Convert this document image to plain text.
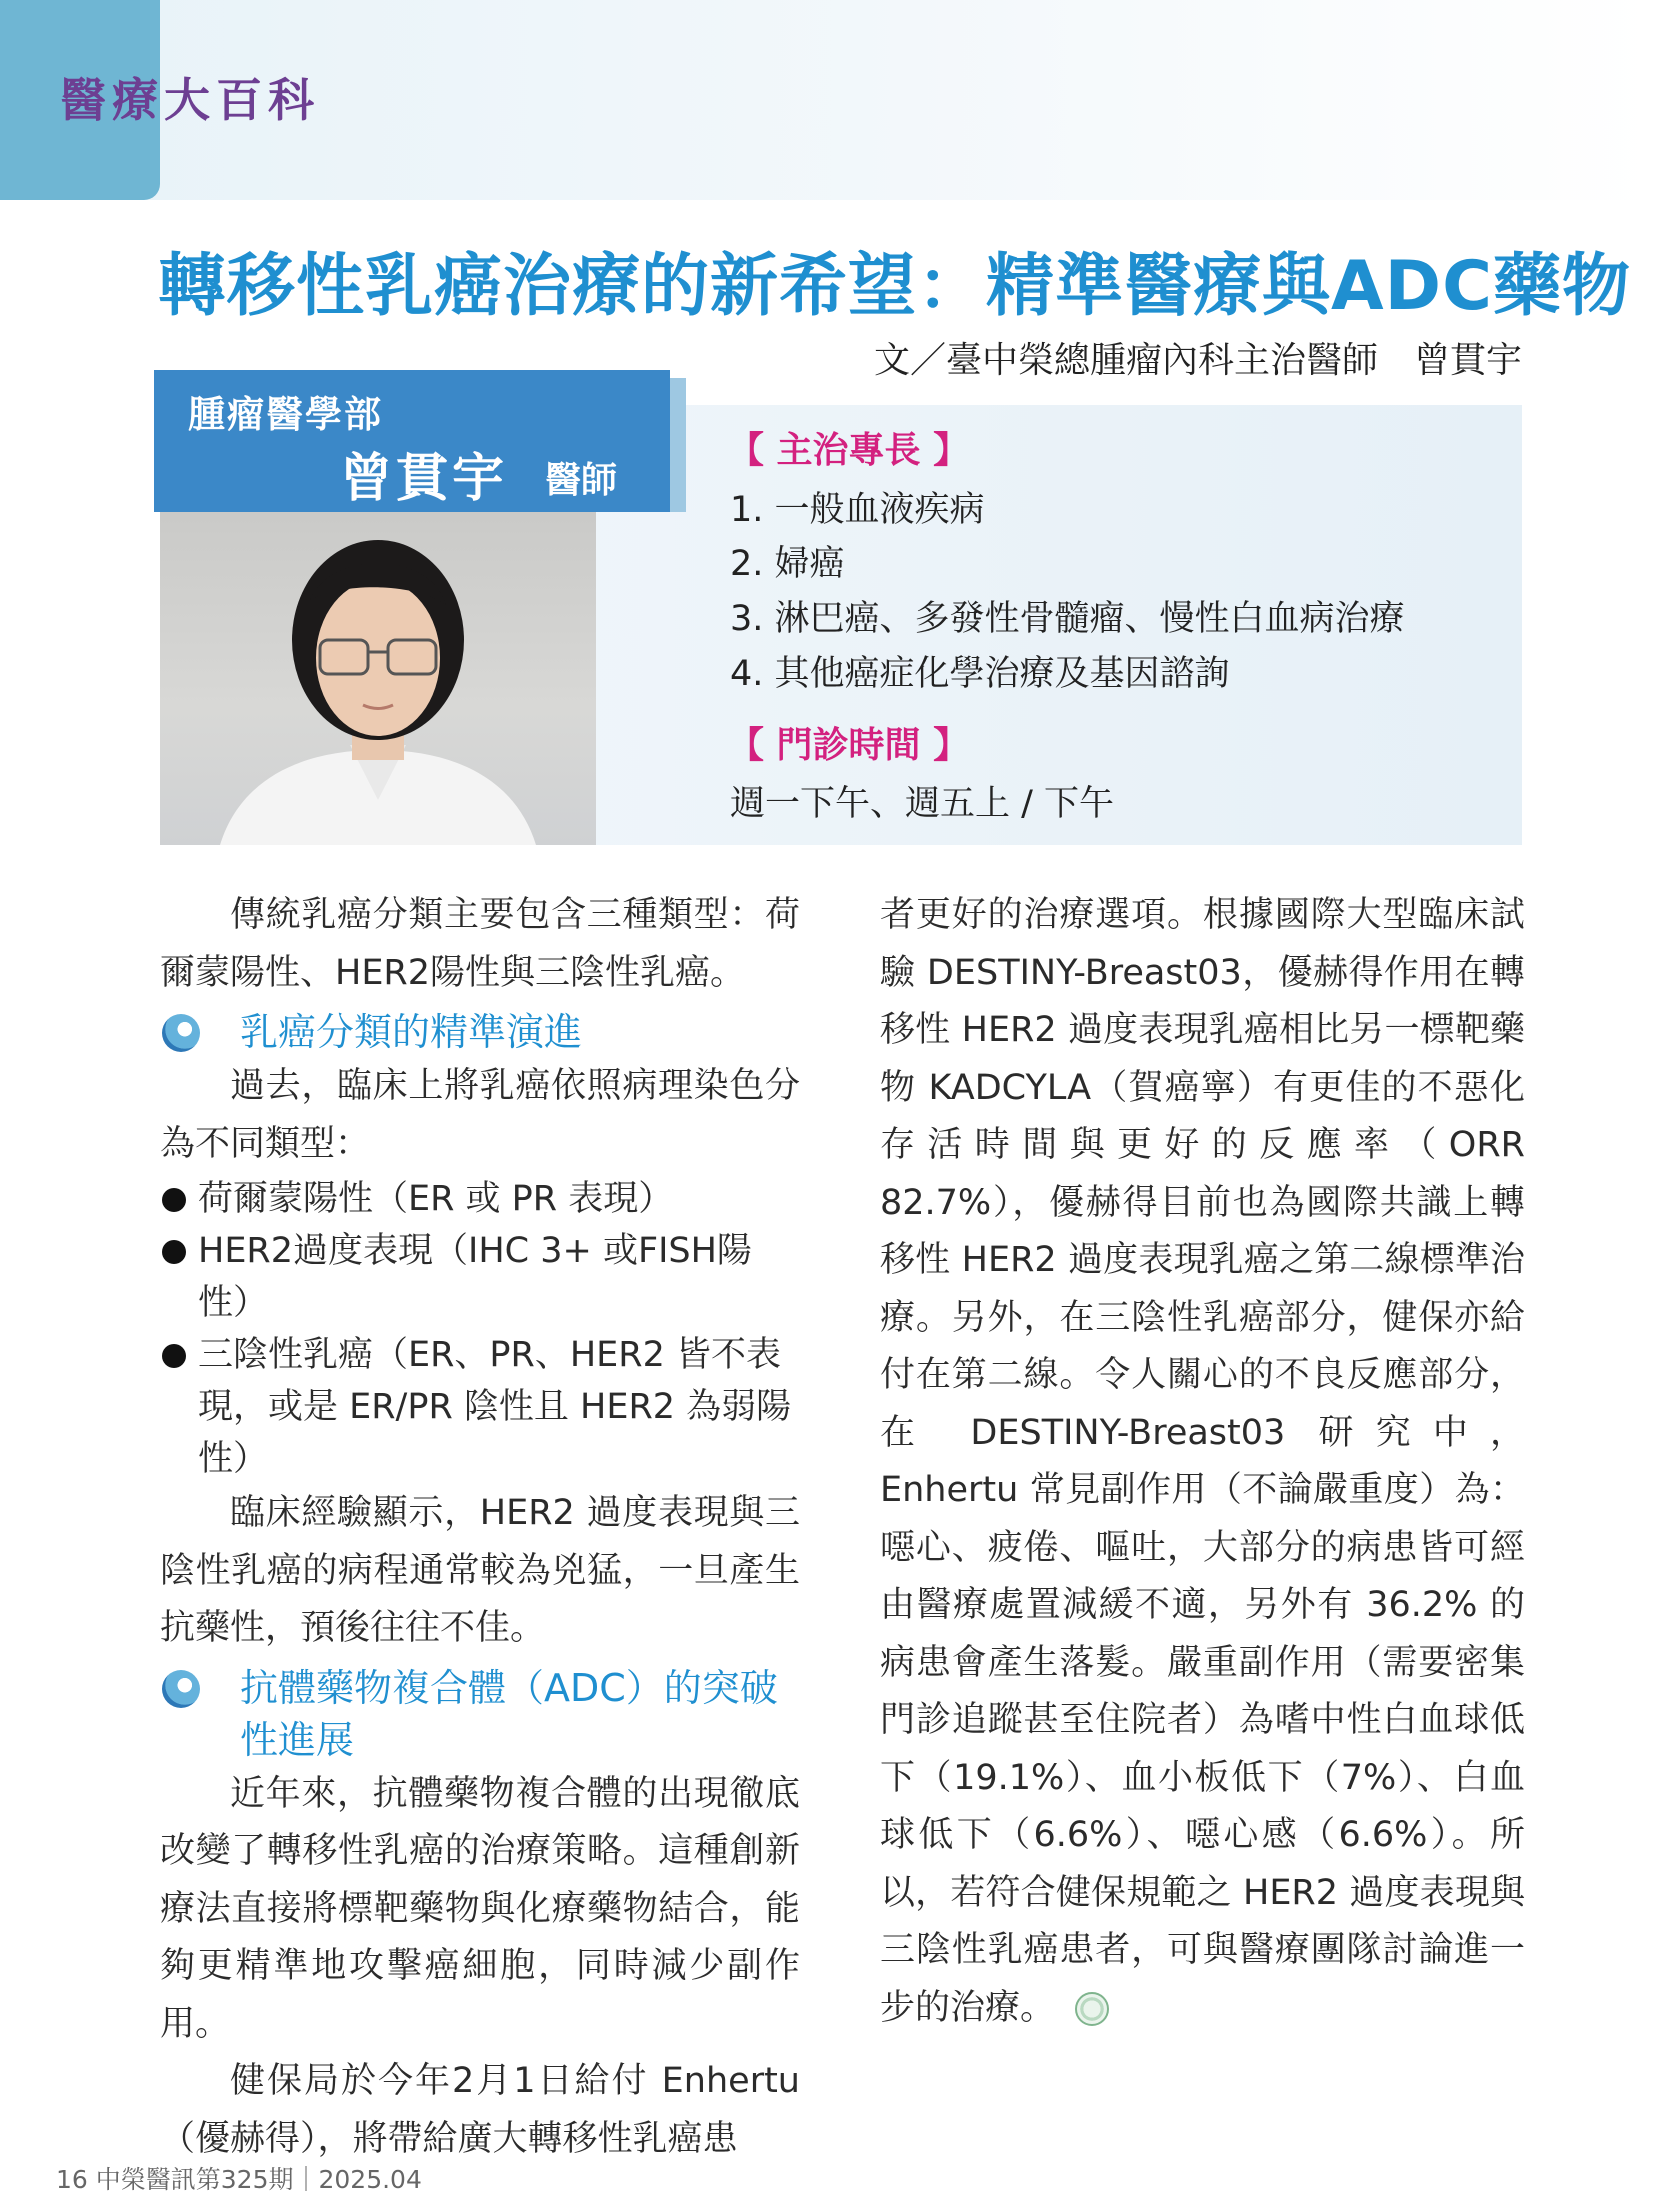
醫療大百科
轉移性乳癌治療的新希望：精準醫療與ADC藥物
文／臺中榮總腫瘤內科主治醫師　曾貫宇
腫瘤醫學部
曾貫宇 醫師
【 主治專長 】
1. 一般血液疾病
2. 婦癌
3. 淋巴癌、多發性骨髓瘤、慢性白血病治療
4. 其他癌症化學治療及基因諮詢
【 門診時間 】
週一下午、週五上 / 下午

傳統乳癌分類主要包含三種類型：荷爾蒙陽性、HER2陽性與三陰性乳癌。

乳癌分類的精準演進

過去，臨床上將乳癌依照病理染色分為不同類型：

荷爾蒙陽性（ER 或 PR 表現）
HER2過度表現（IHC 3+ 或FISH陽性）
三陰性乳癌（ER、PR、HER2 皆不表現，或是 ER/PR 陰性且 HER2 為弱陽性）

臨床經驗顯示，HER2 過度表現與三陰性乳癌的病程通常較為兇猛，一旦產生抗藥性，預後往往不佳。

抗體藥物複合體（ADC）的突破性進展

近年來，抗體藥物複合體的出現徹底改變了轉移性乳癌的治療策略。這種創新療法直接將標靶藥物與化療藥物結合，能夠更精準地攻擊癌細胞，同時減少副作用。

健保局於今年2月1日給付 Enhertu（優赫得），將帶給廣大轉移性乳癌患

者更好的治療選項。根據國際大型臨床試驗 DESTINY-Breast03，優赫得作用在轉移性 HER2 過度表現乳癌相比另一標靶藥物 KADCYLA（賀癌寧）有更佳的不惡化存活時間與更好的反應率（ORR 82.7%），優赫得目前也為國際共識上轉移性 HER2 過度表現乳癌之第二線標準治療。另外，在三陰性乳癌部分，健保亦給付在第二線。令人關心的不良反應部分，在 DESTINY-Breast03 研究中，Enhertu 常見副作用（不論嚴重度）為：噁心、疲倦、嘔吐，大部分的病患皆可經由醫療處置減緩不適，另外有 36.2% 的病患會產生落髮。嚴重副作用（需要密集門診追蹤甚至住院者）為嗜中性白血球低下（19.1%）、血小板低下（7%）、白血球低下（6.6%）、噁心感（6.6%）。所以，若符合健保規範之 HER2 過度表現與三陰性乳癌患者，可與醫療團隊討論進一步的治療。

16 中榮醫訊第325期｜2025.04
